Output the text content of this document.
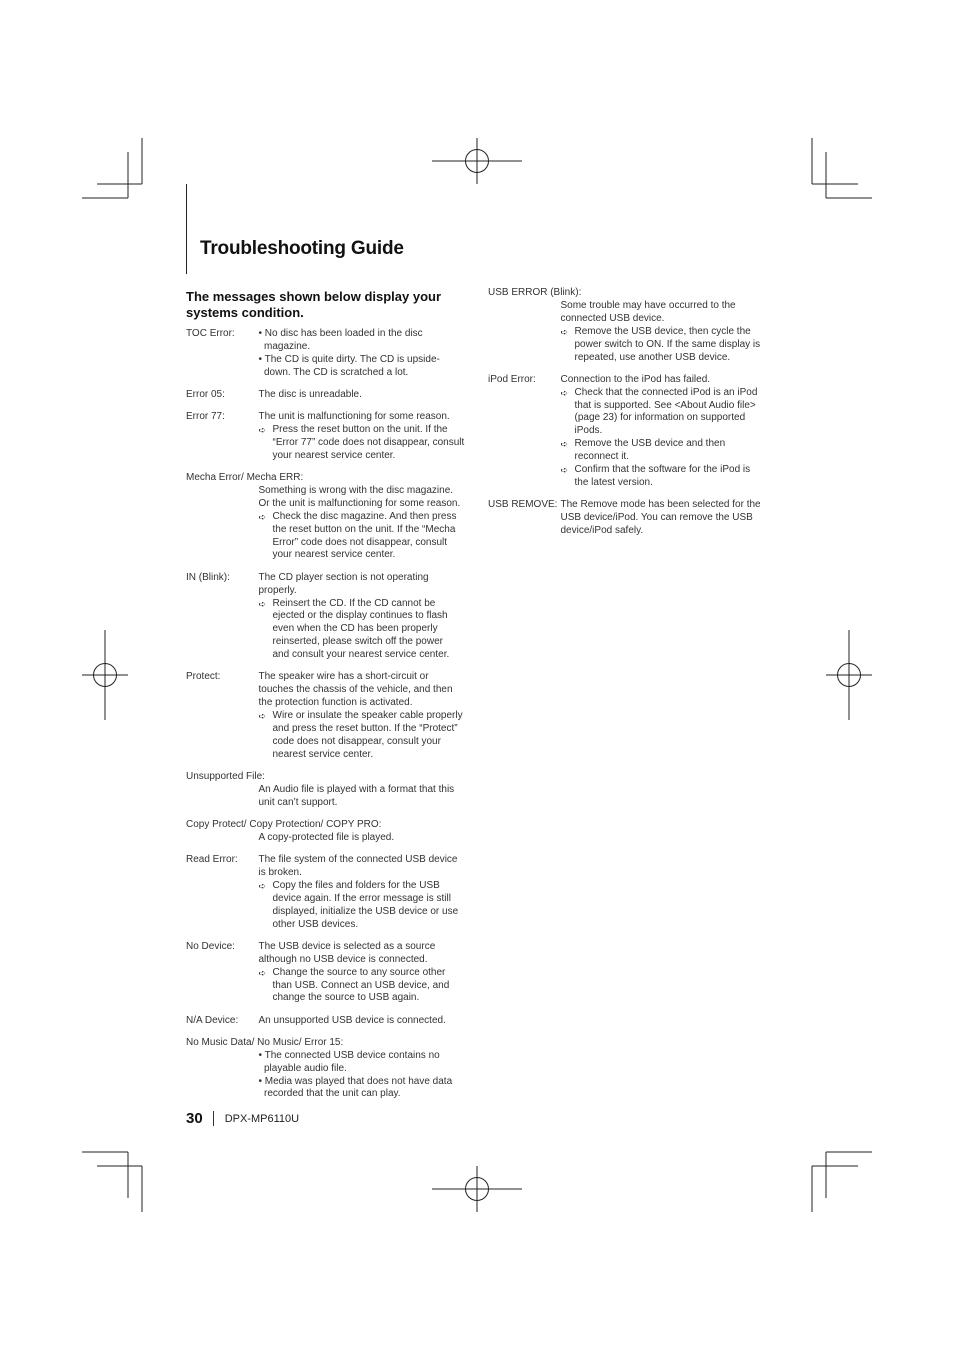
Troubleshooting Guide
The messages shown below display your
systems condition.
TOC Error:	• No disc has been loaded in the disc
magazine.
• The CD is quite dirty. The CD is upside-
down. The CD is scratched a lot.
Error 05:	The disc is unreadable.
Error 77:	The unit is malfunctioning for some reason.
➪ Press the reset button on the unit. If the
“Error 77” code does not disappear, consult
your nearest service center.
Mecha Error/ Mecha ERR:
Something is wrong with the disc magazine.
Or the unit is malfunctioning for some reason.
➪ Check the disc magazine. And then press
the reset button on the unit. If the “Mecha
Error” code does not disappear, consult
your nearest service center.
IN (Blink):	The CD player section is not operating
properly.
➪ Reinsert the CD. If the CD cannot be
ejected or the display continues to flash
even when the CD has been properly
reinserted, please switch off the power
and consult your nearest service center.
Protect:	The speaker wire has a short-circuit or
touches the chassis of the vehicle, and then
the protection function is activated.
➪ Wire or insulate the speaker cable properly
and press the reset button. If the “Protect”
code does not disappear, consult your
nearest service center.
Unsupported File:
An Audio file is played with a format that this
unit can’t support.
Copy Protect/ Copy Protection/ COPY PRO:
A copy-protected file is played.
Read Error:	The file system of the connected USB device
is broken.
➪ Copy the files and folders for the USB
device again. If the error message is still
displayed, initialize the USB device or use
other USB devices.
No Device:	The USB device is selected as a source
although no USB device is connected.
➪ Change the source to any source other
than USB. Connect an USB device, and
change the source to USB again.
N/A Device:	An unsupported USB device is connected.
No Music Data/ No Music/ Error 15:
• The connected USB device contains no
playable audio file.
• Media was played that does not have data
recorded that the unit can play.
USB ERROR (Blink):
Some trouble may have occurred to the
connected USB device.
➪ Remove the USB device, then cycle the
power switch to ON. If the same display is
repeated, use another USB device.
iPod Error:	Connection to the iPod has failed.
➪ Check that the connected iPod is an iPod
that is supported. See <About Audio file>
(page 23) for information on supported
iPods.
➪ Remove the USB device and then
reconnect it.
➪ Confirm that the software for the iPod is
the latest version.
USB REMOVE: The Remove mode has been selected for the
USB device/iPod. You can remove the USB
device/iPod safely.
30 DPX-MP6110U
